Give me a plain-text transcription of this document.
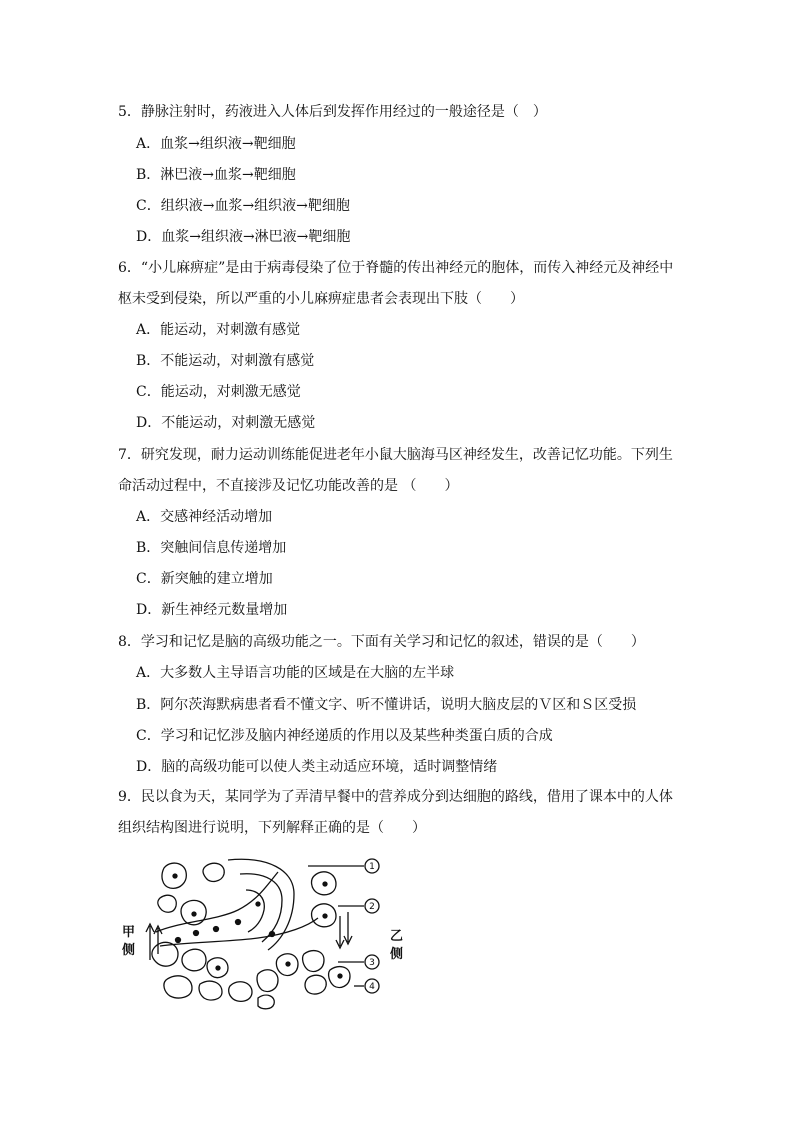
5．静脉注射时，药液进入人体后到发挥作用经过的一般途径是（　）
A．血浆→组织液→靶细胞
B．淋巴液→血浆→靶细胞
C．组织液→血浆→组织液→靶细胞
D．血浆→组织液→淋巴液→靶细胞
6．“小儿麻痹症”是由于病毒侵染了位于脊髓的传出神经元的胞体，而传入神经元及神经中枢未受到侵染，所以严重的小儿麻痹症患者会表现出下肢（　　）
A．能运动，对刺激有感觉
B．不能运动，对刺激有感觉
C．能运动，对刺激无感觉
D．不能运动，对刺激无感觉
7．研究发现，耐力运动训练能促进老年小鼠大脑海马区神经发生，改善记忆功能。下列生命活动过程中，不直接涉及记忆功能改善的是 （　　）
A．交感神经活动增加
B．突触间信息传递增加
C．新突触的建立增加
D．新生神经元数量增加
8．学习和记忆是脑的高级功能之一。下面有关学习和记忆的叙述，错误的是（　　）
A．大多数人主导语言功能的区域是在大脑的左半球
B．阿尔茨海默病患者看不懂文字、听不懂讲话，说明大脑皮层的Ｖ区和Ｓ区受损
C．学习和记忆涉及脑内神经递质的作用以及某些种类蛋白质的合成
D．脑的高级功能可以使人类主动适应环境，适时调整情绪
9．民以食为天，某同学为了弄清早餐中的营养成分到达细胞的路线，借用了课本中的人体组织结构图进行说明，下列解释正确的是（　　）
1
2
3
4
甲
侧
乙
侧
